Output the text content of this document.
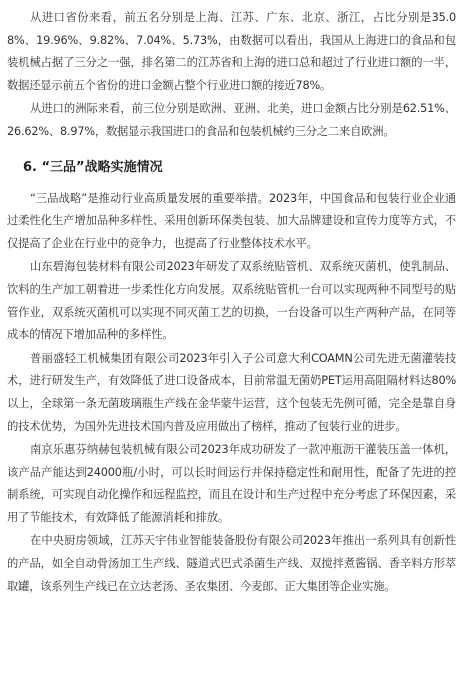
从进口省份来看，前五名分别是上海、江苏、广东、北京、浙江，占比分别是35.08%、19.96%、9.82%、7.04%、5.73%，由数据可以看出，我国从上海进口的食品和包装机械占据了三分之一强，排名第二的江苏省和上海的进口总和超过了行业进口额的一半，数据还显示前五个省份的进口金额占整个行业进口额的接近78%。

从进口的洲际来看，前三位分别是欧洲、亚洲、北美，进口金额占比分别是62.51%、26.62%、8.97%，数据显示我国进口的食品和包装机械约三分之二来自欧洲。

6. “三品”战略实施情况

“三品战略”是推动行业高质量发展的重要举措。2023年，中国食品和包装行业企业通过柔性化生产增加品种多样性、采用创新环保类包装、加大品牌建设和宣传力度等方式，不仅提高了企业在行业中的竞争力，也提高了行业整体技术水平。

山东碧海包装材料有限公司2023年研发了双系统贴管机、双系统灭菌机，使乳制品、饮料的生产加工朝着进一步柔性化方向发展。双系统贴管机一台可以实现两种不同型号的贴管作业，双系统灭菌机可以实现不同灭菌工艺的切换，一台设备可以生产两种产品，在同等成本的情况下增加品种的多样性。

普丽盛轻工机械集团有限公司2023年引入子公司意大利COAMN公司先进无菌灌装技术，进行研发生产，有效降低了进口设备成本，目前常温无菌奶PET运用高阻隔材料达80%以上，全球第一条无菌玻璃瓶生产线在金华蒙牛运营，这个包装无先例可循，完全是靠自身的技术优势，为国外先进技术国内普及应用做出了榜样，推动了包装行业的进步。

南京乐惠芬纳赫包装机械有限公司2023年成功研发了一款冲瓶沥干灌装压盖一体机，该产品产能达到24000瓶/小时，可以长时间运行并保持稳定性和耐用性，配备了先进的控制系统，可实现自动化操作和远程监控，而且在设计和生产过程中充分考虑了环保因素，采用了节能技术，有效降低了能源消耗和排放。

在中央厨房领域，江苏天宇伟业智能装备股份有限公司2023年推出一系列具有创新性的产品，如全自动骨汤加工生产线、隧道式巴式杀菌生产线、双搅拌煮酱锅、香辛料方形萃取罐，该系列生产线已在立达老汤、圣农集团、今麦郎、正大集团等企业实施。
